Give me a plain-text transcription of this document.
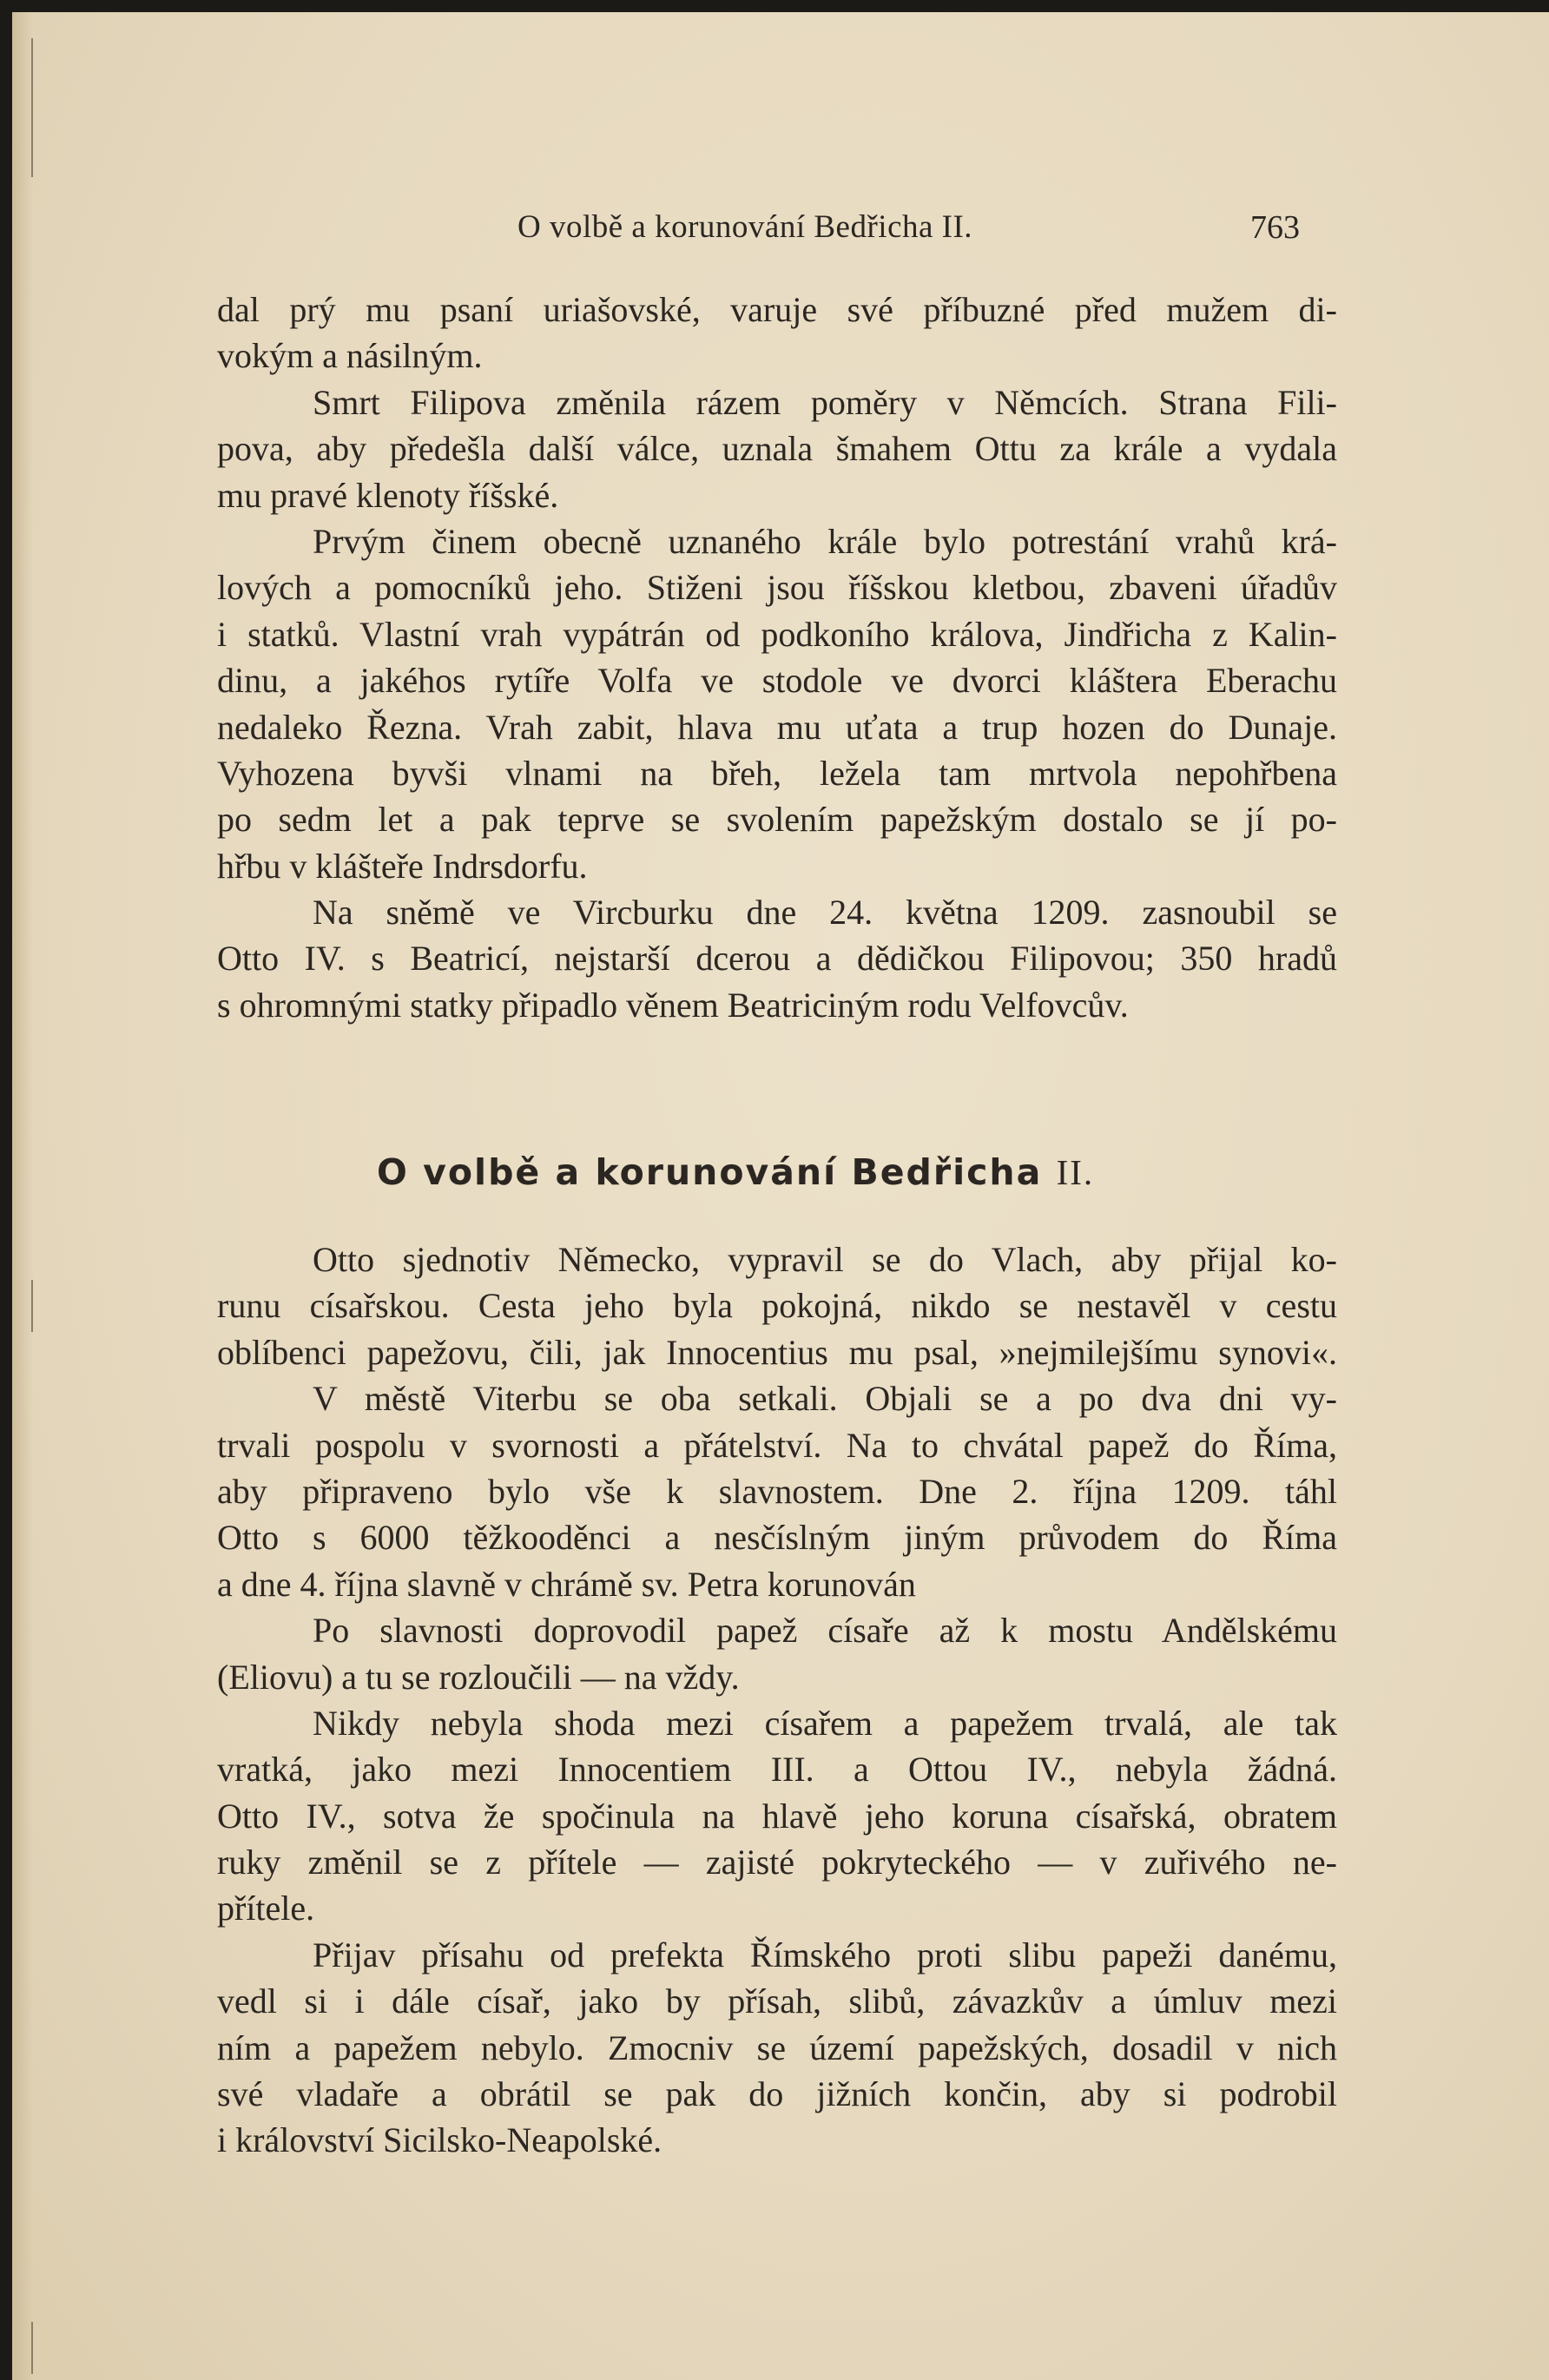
O volbě a korunování Bedřicha II.	763
dal prý mu psaní uriašovské, varuje své příbuzné před mužem di-
vokým a násilným.
Smrt Filipova změnila rázem poměry v Němcích. Strana Fili-
pova, aby předešla další válce, uznala šmahem Ottu za krále a vydala
mu pravé klenoty říšské.
Prvým činem obecně uznaného krále bylo potrestání vrahů krá-
lových a pomocníků jeho. Stiženi jsou říšskou kletbou, zbaveni úřadův
i statků. Vlastní vrah vypátrán od podkoního králova, Jindřicha z Kalin-
dinu, a jakéhos rytíře Volfa ve stodole ve dvorci kláštera Eberachu
nedaleko Řezna. Vrah zabit, hlava mu uťata a trup hozen do Dunaje.
Vyhozena byvši vlnami na břeh, ležela tam mrtvola nepohřbena
po sedm let a pak teprve se svolením papežským dostalo se jí po-
hřbu v klášteře Indrsdorfu.
Na sněmě ve Vircburku dne 24. května 1209. zasnoubil se
Otto IV. s Beatricí, nejstarší dcerou a dědičkou Filipovou; 350 hradů
s ohromnými statky připadlo věnem Beatriciným rodu Velfovcův.
O volbě a korunování Bedřicha II.
Otto sjednotiv Německo, vypravil se do Vlach, aby přijal ko-
runu císařskou. Cesta jeho byla pokojná, nikdo se nestavěl v cestu
oblíbenci papežovu, čili, jak Innocentius mu psal, »nejmilejšímu synovi«.
V městě Viterbu se oba setkali. Objali se a po dva dni vy-
trvali pospolu v svornosti a přátelství. Na to chvátal papež do Říma,
aby připraveno bylo vše k slavnostem. Dne 2. října 1209. táhl
Otto s 6000 těžkooděnci a nesčíslným jiným průvodem do Říma
a dne 4. října slavně v chrámě sv. Petra korunován
Po slavnosti doprovodil papež císaře až k mostu Andělskému
(Eliovu) a tu se rozloučili — na vždy.
Nikdy nebyla shoda mezi císařem a papežem trvalá, ale tak
vratká, jako mezi Innocentiem III. a Ottou IV., nebyla žádná.
Otto IV., sotva že spočinula na hlavě jeho koruna císařská, obratem
ruky změnil se z přítele — zajisté pokryteckého — v zuřivého ne-
přítele.
Přijav přísahu od prefekta Římského proti slibu papeži danému,
vedl si i dále císař, jako by přísah, slibů, závazkův a úmluv mezi
ním a papežem nebylo. Zmocniv se území papežských, dosadil v nich
své vladaře a obrátil se pak do jižních končin, aby si podrobil
i království Sicilsko-Neapolské.
